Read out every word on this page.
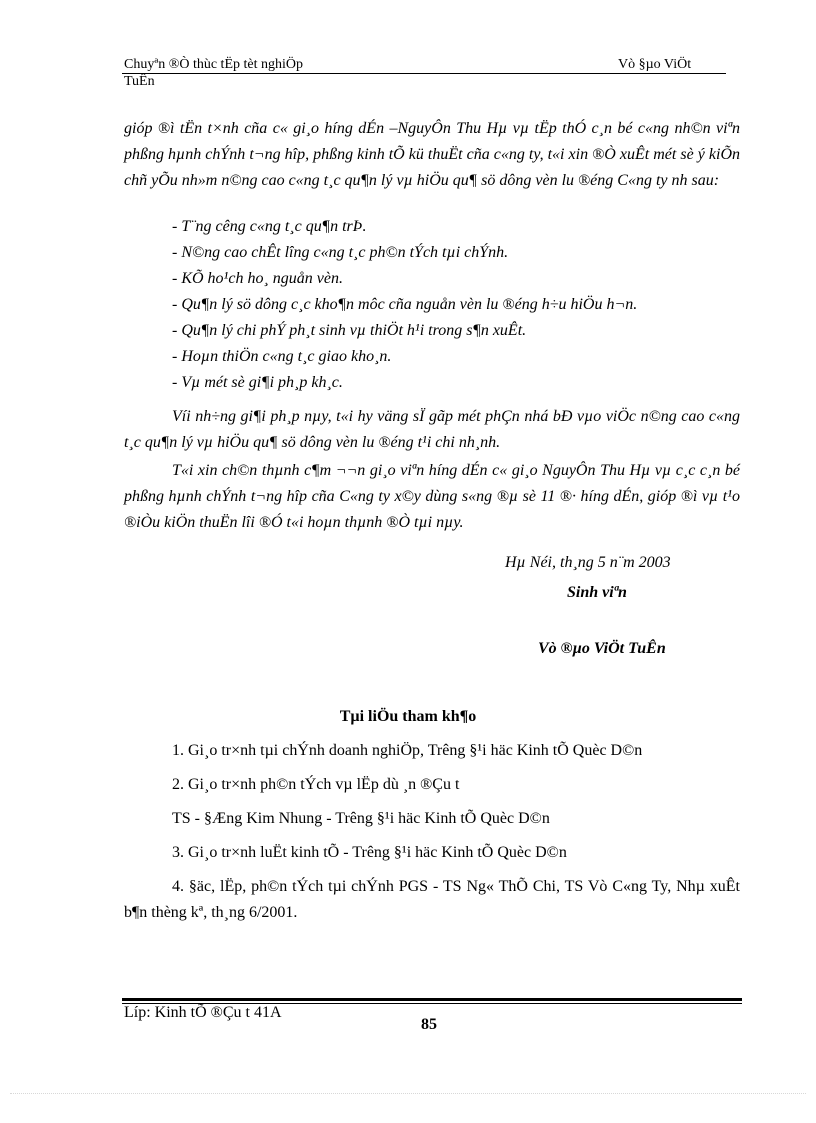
Chuyªn ®Ò thùc tËp tèt nghiÖp	Vò §µo ViÖt
TuÊn
gióp ®ì tËn t×nh cña c« gi¸o híng dÉn –NguyÔn Thu Hµ vµ tËp thÓ c¸n bé c«ng nh©n viªn phßng hµnh chÝnh t¬ng hîp, phßng kinh tÕ kü thuËt cña c«ng ty, t«i xin ®Ò xuÊt mét sè ý kiÕn chñ yÕu nh»m n©ng cao c«ng t¸c qu¶n lý vµ hiÖu qu¶ sö dông vèn lu ®éng C«ng ty nh sau:
- T¨ng cêng c«ng t¸c qu¶n trÞ.
- N©ng cao chÊt lîng c«ng t¸c ph©n tÝch tµi chÝnh.
- KÕ ho¹ch ho¸ nguån vèn.
- Qu¶n lý sö dông c¸c kho¶n môc cña nguån vèn lu ®éng h÷u hiÖu h¬n.
- Qu¶n lý chi phÝ ph¸t sinh vµ thiÖt h¹i trong s¶n xuÊt.
- Hoµn thiÖn c«ng t¸c giao kho¸n.
- Vµ mét sè gi¶i ph¸p kh¸c.
Víi nh÷ng gi¶i ph¸p nµy, t«i hy väng sÏ gãp mét phÇn nhá bÐ vµo viÖc n©ng cao c«ng t¸c qu¶n lý vµ hiÖu qu¶ sö dông vèn lu ®éng t¹i chi nh¸nh.
T«i xin ch©n thµnh c¶m ¬¬n gi¸o viªn híng dÉn c« gi¸o NguyÔn Thu Hµ vµ c¸c c¸n bé phßng hµnh chÝnh t¬ng hîp cña C«ng ty x©y dùng s«ng ®µ sè 11 ®· híng dÉn, gióp ®ì vµ t¹o ®iÒu kiÖn thuËn lîi ®Ó t«i hoµn thµnh ®Ò tµi nµy.
Hµ Néi, th¸ng 5 n¨m 2003
Sinh viªn
Vò ®µo ViÖt TuÊn
Tµi liÖu tham kh¶o
1. Gi¸o tr×nh tµi chÝnh doanh nghiÖp, Trêng §¹i häc Kinh tÕ Quèc D©n
2. Gi¸o tr×nh ph©n tÝch vµ lËp dù ¸n ®Çu t
TS - §Æng Kim Nhung - Trêng §¹i häc Kinh tÕ Quèc D©n
3. Gi¸o tr×nh luËt kinh tÕ - Trêng §¹i häc Kinh tÕ Quèc D©n
4. §äc, lËp, ph©n tÝch tµi chÝnh PGS - TS Ng« ThÕ Chi, TS Vò C«ng Ty, Nhµ xuÊt b¶n thèng kª, th¸ng 6/2001.
Líp: Kinh tÕ ®Çu t 41A
85
